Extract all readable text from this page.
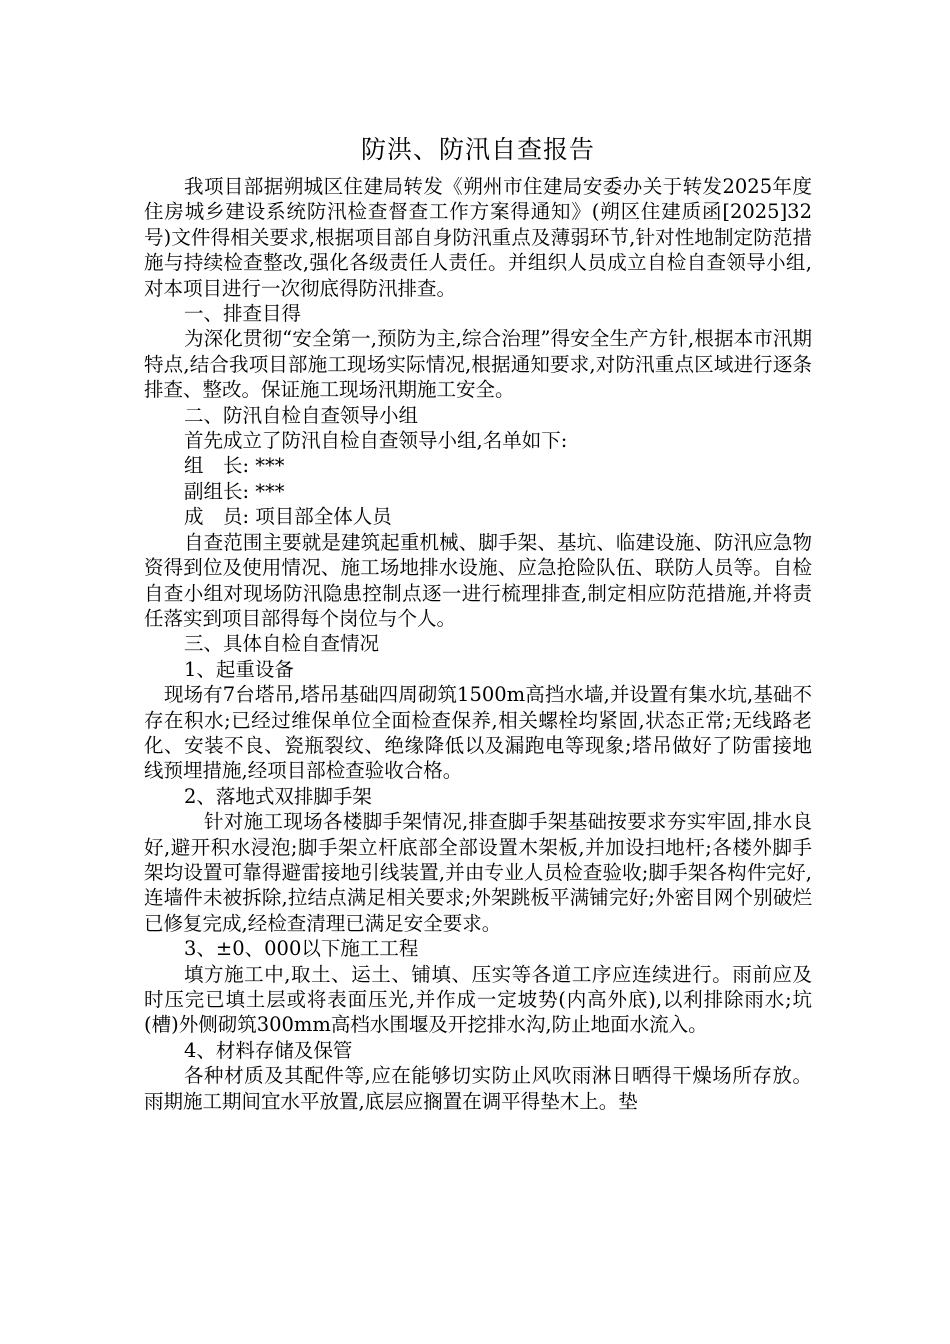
防洪、防汛自查报告

我项目部据朔城区住建局转发《朔州市住建局安委办关于转发2025年度住房城乡建设系统防汛检查督查工作方案得通知》(朔区住建质函[2025]32号)文件得相关要求,根据项目部自身防汛重点及薄弱环节,针对性地制定防范措施与持续检查整改,强化各级责任人责任。并组织人员成立自检自查领导小组,对本项目进行一次彻底得防汛排查。

一、排查目得

为深化贯彻“安全第一,预防为主,综合治理”得安全生产方针,根据本市汛期特点,结合我项目部施工现场实际情况,根据通知要求,对防汛重点区域进行逐条排查、整改。保证施工现场汛期施工安全。

二、防汛自检自查领导小组

首先成立了防汛自检自查领导小组,名单如下:

组　长: ***

副组长: ***

成　员: 项目部全体人员

自查范围主要就是建筑起重机械、脚手架、基坑、临建设施、防汛应急物资得到位及使用情况、施工场地排水设施、应急抢险队伍、联防人员等。自检自查小组对现场防汛隐患控制点逐一进行梳理排查,制定相应防范措施,并将责任落实到项目部得每个岗位与个人。

三、具体自检自查情况

1、起重设备

现场有7台塔吊,塔吊基础四周砌筑1500m高挡水墙,并设置有集水坑,基础不存在积水;已经过维保单位全面检查保养,相关螺栓均紧固,状态正常;无线路老化、安装不良、瓷瓶裂纹、绝缘降低以及漏跑电等现象;塔吊做好了防雷接地线预埋措施,经项目部检查验收合格。

2、落地式双排脚手架

针对施工现场各楼脚手架情况,排查脚手架基础按要求夯实牢固,排水良好,避开积水浸泡;脚手架立杆底部全部设置木架板,并加设扫地杆;各楼外脚手架均设置可靠得避雷接地引线装置,并由专业人员检查验收;脚手架各构件完好,连墙件未被拆除,拉结点满足相关要求;外架跳板平满铺完好;外密目网个别破烂已修复完成,经检查清理已满足安全要求。

3、±0、000以下施工工程

填方施工中,取土、运土、铺填、压实等各道工序应连续进行。雨前应及时压完已填土层或将表面压光,并作成一定坡势(内高外底),以利排除雨水;坑(槽)外侧砌筑300mm高档水围堰及开挖排水沟,防止地面水流入。

4、材料存储及保管

各种材质及其配件等,应在能够切实防止风吹雨淋日晒得干燥场所存放。雨期施工期间宜水平放置,底层应搁置在调平得垫木上。垫
